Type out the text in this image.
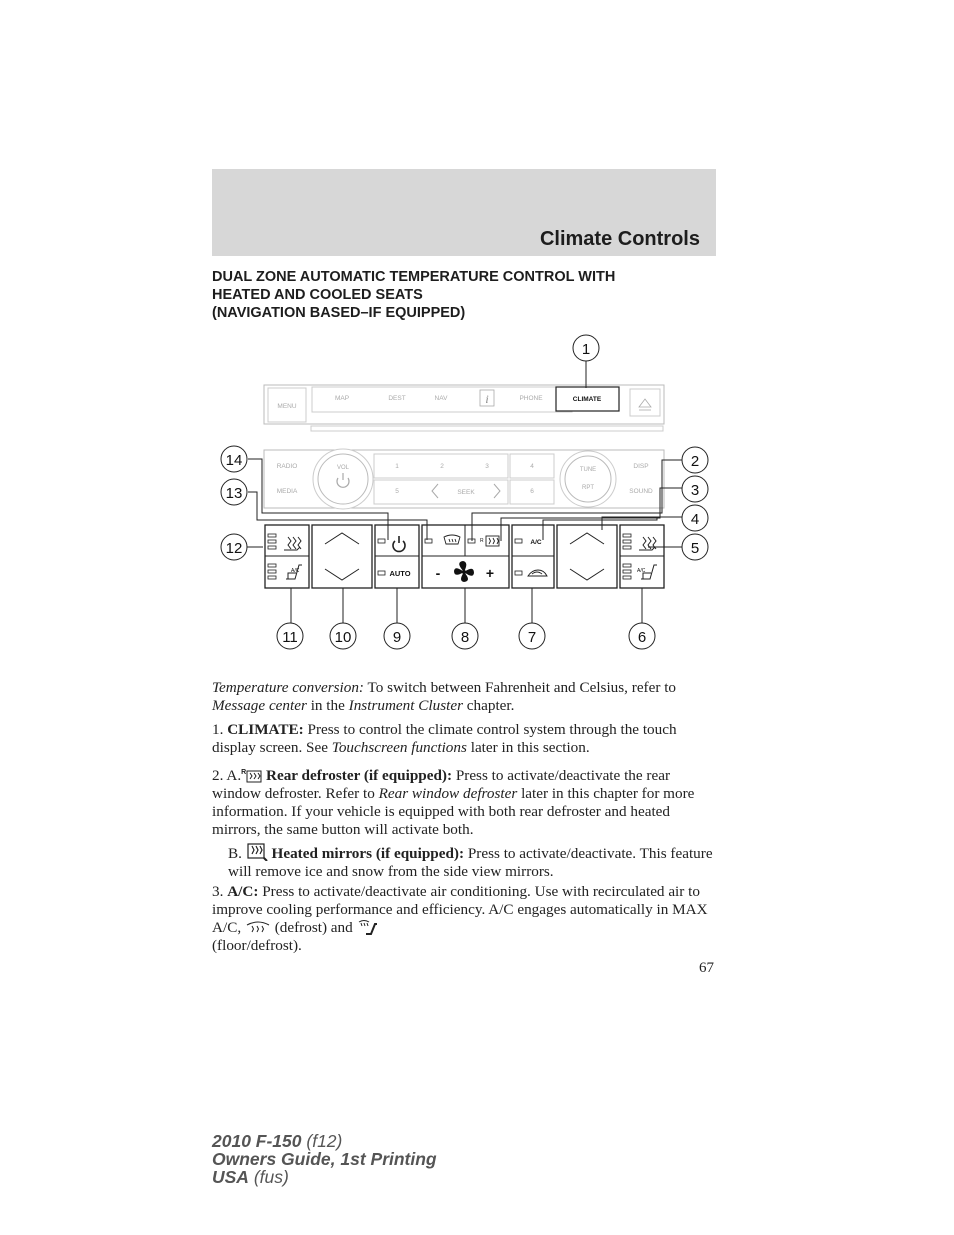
Climate Controls
DUAL ZONE AUTOMATIC TEMPERATURE CONTROL WITH
HEATED AND COOLED SEATS
(NAVIGATION BASED–IF EQUIPPED)
MENU
MAP	DEST	NAV	i	PHONE	CLIMATE
RADIO
MEDIA
VOL	1	2	3	4
5	SEEK	6
TUNE
RPT
DISP
SOUND
A/C	AUTO
R
-	+
A/C
A/C
1
2
3
4
5
6
7
8
9
10
11
12
13
14

Temperature conversion: To switch between Fahrenheit and Celsius, refer to Message center in the Instrument Cluster chapter.

1. CLIMATE: Press to control the climate control system through the touch display screen. See Touchscreen functions later in this section.

2. A.$^R$ Rear defroster (if equipped): Press to activate/deactivate the rear window defroster. Refer to Rear window defroster later in this chapter for more information. If your vehicle is equipped with both rear defroster and heated mirrors, the same button will activate both.

B. Heated mirrors (if equipped): Press to activate/deactivate. This feature will remove ice and snow from the side view mirrors.

3. A/C: Press to activate/deactivate air conditioning. Use with recirculated air to improve cooling performance and efficiency. A/C engages automatically in MAX A/C, (defrost) and
(floor/defrost).

67
2010 F-150 (f12)
Owners Guide, 1st Printing
USA (fus)
